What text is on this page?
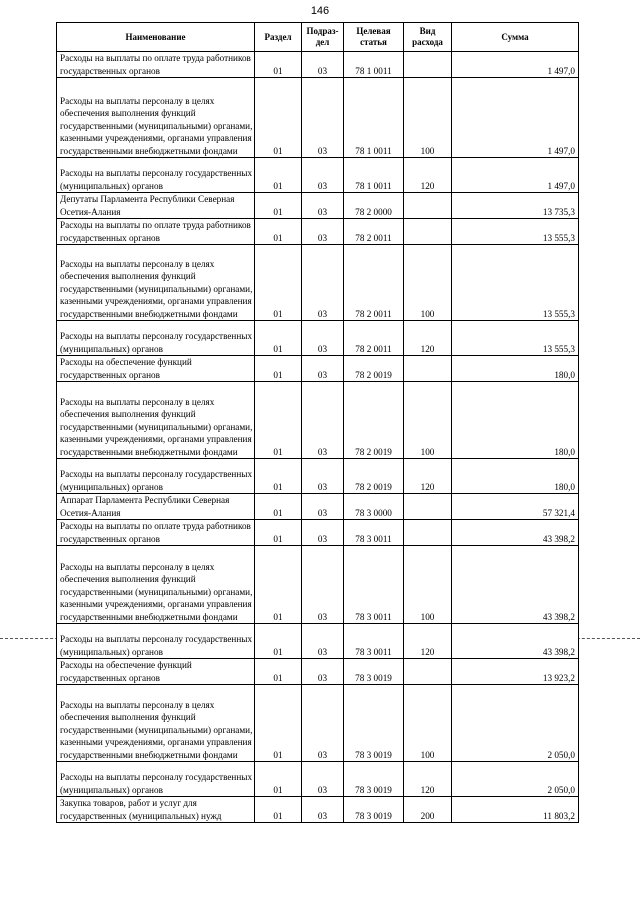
146
Наименование	Раздел	Подраз-дел	Целевая статья	Вид расхода	Сумма
Расходы на выплаты по оплате труда работников государственных органов	01	03	78 1 0011		1 497,0
Расходы на выплаты персоналу в целях обеспечения выполнения функций государственными (муниципальными) органами, казенными учреждениями, органами управления государственными внебюджетными фондами	01	03	78 1 0011	100	1 497,0
Расходы на выплаты персоналу государственных (муниципальных) органов	01	03	78 1 0011	120	1 497,0
Депутаты Парламента Республики Северная Осетия-Алания	01	03	78 2 0000		13 735,3
Расходы на выплаты по оплате труда работников государственных органов	01	03	78 2 0011		13 555,3
Расходы на выплаты персоналу в целях обеспечения выполнения функций государственными (муниципальными) органами, казенными учреждениями, органами управления государственными внебюджетными фондами	01	03	78 2 0011	100	13 555,3
Расходы на выплаты персоналу государственных (муниципальных) органов	01	03	78 2 0011	120	13 555,3
Расходы на обеспечение функций государственных органов	01	03	78 2 0019		180,0
Расходы на выплаты персоналу в целях обеспечения выполнения функций государственными (муниципальными) органами, казенными учреждениями, органами управления государственными внебюджетными фондами	01	03	78 2 0019	100	180,0
Расходы на выплаты персоналу государственных (муниципальных) органов	01	03	78 2 0019	120	180,0
Аппарат Парламента Республики Северная Осетия-Алания	01	03	78 3 0000		57 321,4
Расходы на выплаты по оплате труда работников государственных органов	01	03	78 3 0011		43 398,2
Расходы на выплаты персоналу в целях обеспечения выполнения функций государственными (муниципальными) органами, казенными учреждениями, органами управления государственными внебюджетными фондами	01	03	78 3 0011	100	43 398,2
Расходы на выплаты персоналу государственных (муниципальных) органов	01	03	78 3 0011	120	43 398,2
Расходы на обеспечение функций государственных органов	01	03	78 3 0019		13 923,2
Расходы на выплаты персоналу в целях обеспечения выполнения функций государственными (муниципальными) органами, казенными учреждениями, органами управления государственными внебюджетными фондами	01	03	78 3 0019	100	2 050,0
Расходы на выплаты персоналу государственных (муниципальных) органов	01	03	78 3 0019	120	2 050,0
Закупка товаров, работ и услуг для государственных (муниципальных) нужд	01	03	78 3 0019	200	11 803,2
